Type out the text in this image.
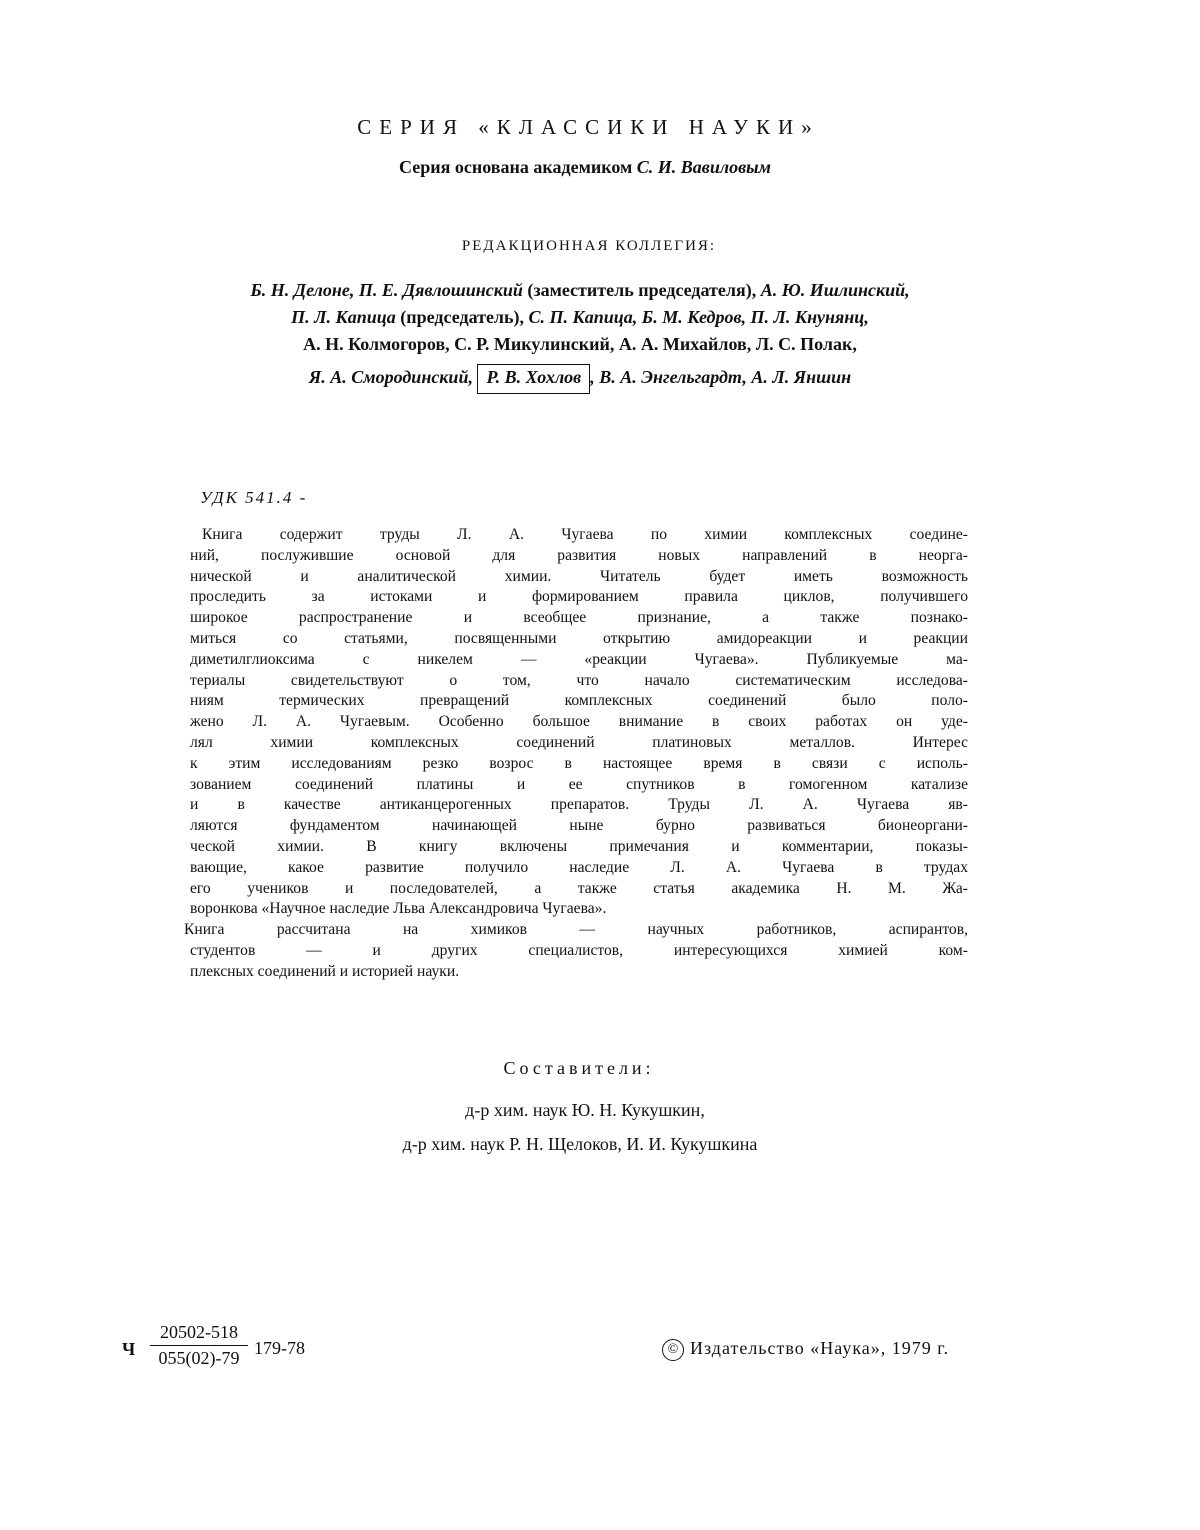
СЕРИЯ «КЛАССИКИ НАУКИ»
Серия основана академиком С. И. Вавиловым
РЕДАКЦИОННАЯ КОЛЛЕГИЯ:
Б. Н. Делоне, П. Е. Дявлошинский (заместитель председателя), А. Ю. Ишлинский,
П. Л. Капица (председатель), С. П. Капица, Б. М. Кедров, П. Л. Кнунянц,
А. Н. Колмогоров, С. Р. Микулинский, А. А. Михайлов, Л. С. Полак,
Я. А. Смородинский, Р. В. Хохлов , В. А. Энгельгардт, А. Л. Яншин
УДК 541.4 -
Книга содержит труды Л. А. Чугаева по химии комплексных соедине-
ний, послужившие основой для развития новых направлений в неорга-
нической и аналитической химии. Читатель будет иметь возможность
проследить за истоками и формированием правила циклов, получившего
широкое распространение и всеобщее признание, а также познако-
миться со статьями, посвященными открытию амидореакции и реакции
диметилглиоксима с никелем — «реакции Чугаева». Публикуемые ма-
териалы свидетельствуют о том, что начало систематическим исследова-
ниям термических превращений комплексных соединений было поло-
жено Л. А. Чугаевым. Особенно большое внимание в своих работах он уде-
лял химии комплексных соединений платиновых металлов. Интерес
к этим исследованиям резко возрос в настоящее время в связи с исполь-
зованием соединений платины и ее спутников в гомогенном катализе
и в качестве антиканцерогенных препаратов. Труды Л. А. Чугаева яв-
ляются фундаментом начинающей ныне бурно развиваться бионеоргани-
ческой химии. В книгу включены примечания и комментарии, показы-
вающие, какое развитие получило наследие Л. А. Чугаева в трудах
его учеников и последователей, а также статья академика Н. М. Жа-
воронкова «Научное наследие Льва Александровича Чугаева».
Книга рассчитана на химиков — научных работников, аспирантов,
студентов — и других специалистов, интересующихся химией ком-
плексных соединений и историей науки.
Составители:
д-р хим. наук Ю. Н. Кукушкин,
д-р хим. наук Р. Н. Щелоков, И. И. Кукушкина
Ч
20502-518
055(02)-79 179-78	© Издательство «Наука», 1979 г.
